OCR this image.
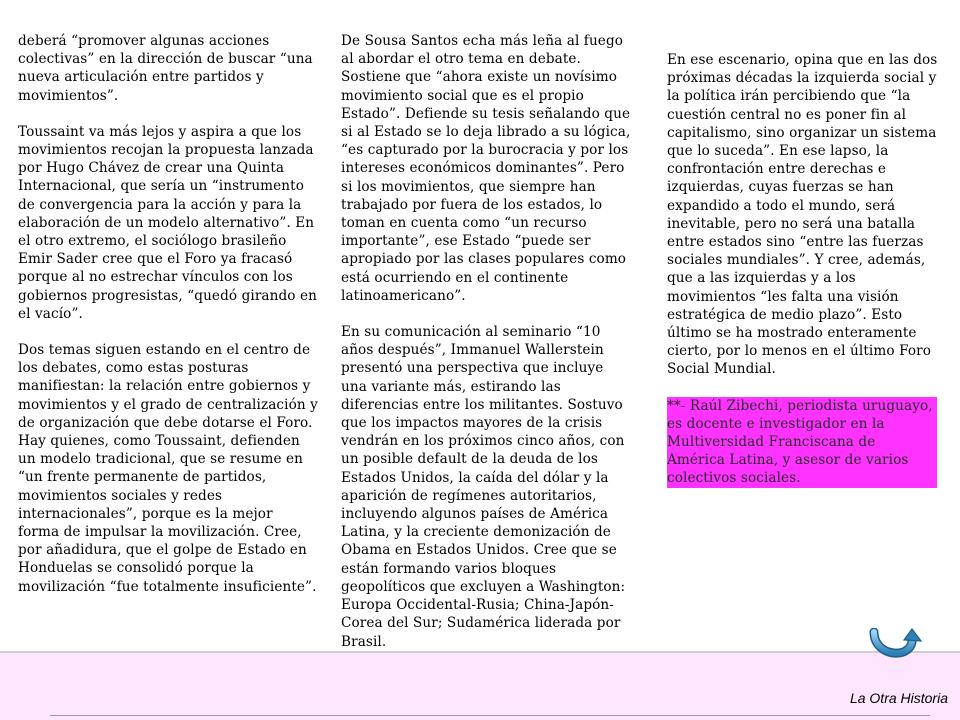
deberá “promover algunas acciones colectivas” en la dirección de buscar “una nueva articulación entre partidos y movimientos”.

Toussaint va más lejos y aspira a que los movimientos recojan la propuesta lanzada por Hugo Chávez de crear una Quinta Internacional, que sería un “instrumento de convergencia para la acción y para la elaboración de un modelo alternativo”. En el otro extremo, el sociólogo brasileño Emir Sader cree que el Foro ya fracasó porque al no estrechar vínculos con los gobiernos progresistas, “quedó girando en el vacío”.

Dos temas siguen estando en el centro de los debates, como estas posturas manifiestan: la relación entre gobiernos y movimientos y el grado de centralización y de organización que debe dotarse el Foro. Hay quienes, como Toussaint, defienden un modelo tradicional, que se resume en “un frente permanente de partidos, movimientos sociales y redes internacionales”, porque es la mejor forma de impulsar la movilización. Cree, por añadidura, que el golpe de Estado en Honduelas se consolidó porque la movilización “fue totalmente insuficiente”.

De Sousa Santos echa más leña al fuego al abordar el otro tema en debate. Sostiene que “ahora existe un novísimo movimiento social que es el propio Estado”. Defiende su tesis señalando que si al Estado se lo deja librado a su lógica, “es capturado por la burocracia y por los intereses económicos dominantes”. Pero si los movimientos, que siempre han trabajado por fuera de los estados, lo toman en cuenta como “un recurso importante”, ese Estado “puede ser apropiado por las clases populares como está ocurriendo en el continente latinoamericano”.

En su comunicación al seminario “10 años después”, Immanuel Wallerstein presentó una perspectiva que incluye una variante más, estirando las diferencias entre los militantes. Sostuvo que los impactos mayores de la crisis vendrán en los próximos cinco años, con un posible default de la deuda de los Estados Unidos, la caída del dólar y la aparición de regímenes autoritarios, incluyendo algunos países de América Latina, y la creciente demonización de Obama en Estados Unidos. Cree que se están formando varios bloques geopolíticos que excluyen a Washington: Europa Occidental-Rusia; China-Japón-Corea del Sur; Sudamérica liderada por Brasil.

En ese escenario, opina que en las dos próximas décadas la izquierda social y la política irán percibiendo que “la cuestión central no es poner fin al capitalismo, sino organizar un sistema que lo suceda”. En ese lapso, la confrontación entre derechas e izquierdas, cuyas fuerzas se han expandido a todo el mundo, será inevitable, pero no será una batalla entre estados sino “entre las fuerzas sociales mundiales”. Y cree, además, que a las izquierdas y a los movimientos “les falta una visión estratégica de medio plazo”. Esto último se ha mostrado enteramente cierto, por lo menos en el último Foro Social Mundial.

**- Raúl Zibechi, periodista uruguayo, es docente e investigador en la Multiversidad Franciscana de América Latina, y asesor de varios colectivos sociales.
La Otra Historia
